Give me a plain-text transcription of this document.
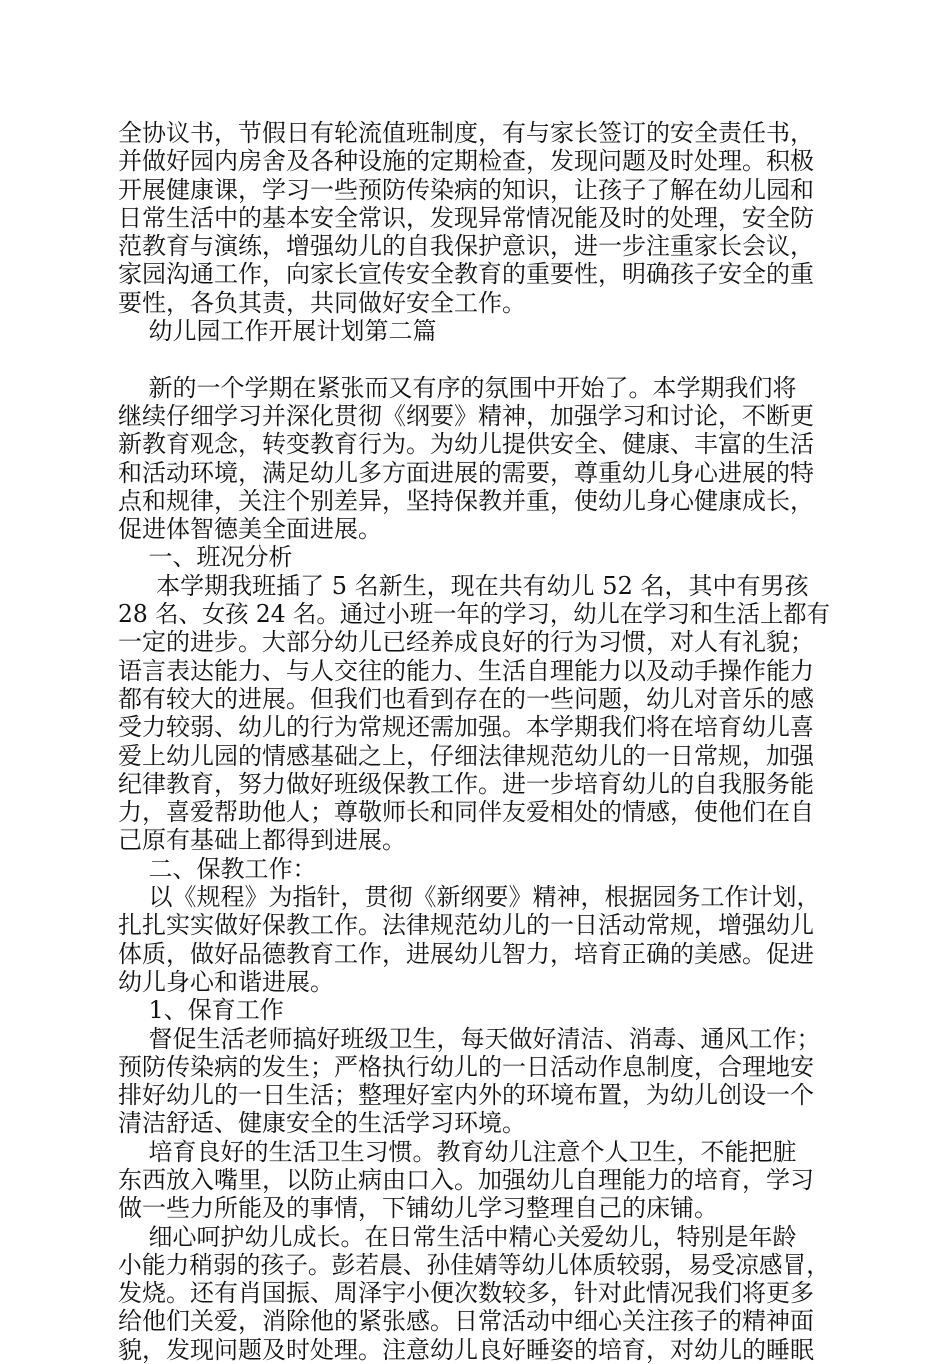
全协议书，节假日有轮流值班制度，有与家长签订的安全责任书，
并做好园内房舍及各种设施的定期检查，发现问题及时处理。积极
开展健康课，学习一些预防传染病的知识，让孩子了解在幼儿园和
日常生活中的基本安全常识，发现异常情况能及时的处理，安全防
范教育与演练，增强幼儿的自我保护意识，进一步注重家长会议，
家园沟通工作，向家长宣传安全教育的重要性，明确孩子安全的重
要性，各负其责，共同做好安全工作。
幼儿园工作开展计划第二篇
新的一个学期在紧张而又有序的氛围中开始了。本学期我们将
继续仔细学习并深化贯彻《纲要》精神，加强学习和讨论，不断更
新教育观念，转变教育行为。为幼儿提供安全、健康、丰富的生活
和活动环境，满足幼儿多方面进展的需要，尊重幼儿身心进展的特
点和规律，关注个别差异，坚持保教并重，使幼儿身心健康成长，
促进体智德美全面进展。
一、班况分析
本学期我班插了 5 名新生，现在共有幼儿 52 名，其中有男孩
28 名、女孩 24 名。通过小班一年的学习，幼儿在学习和生活上都有
一定的进步。大部分幼儿已经养成良好的行为习惯，对人有礼貌；
语言表达能力、与人交往的能力、生活自理能力以及动手操作能力
都有较大的进展。但我们也看到存在的一些问题，幼儿对音乐的感
受力较弱、幼儿的行为常规还需加强。本学期我们将在培育幼儿喜
爱上幼儿园的情感基础之上，仔细法律规范幼儿的一日常规，加强
纪律教育，努力做好班级保教工作。进一步培育幼儿的自我服务能
力，喜爱帮助他人；尊敬师长和同伴友爱相处的情感，使他们在自
己原有基础上都得到进展。
二、保教工作：
以《规程》为指针，贯彻《新纲要》精神，根据园务工作计划，
扎扎实实做好保教工作。法律规范幼儿的一日活动常规，增强幼儿
体质，做好品德教育工作，进展幼儿智力，培育正确的美感。促进
幼儿身心和谐进展。
1、保育工作
督促生活老师搞好班级卫生，每天做好清洁、消毒、通风工作；
预防传染病的发生；严格执行幼儿的一日活动作息制度，合理地安
排好幼儿的一日生活；整理好室内外的环境布置，为幼儿创设一个
清洁舒适、健康安全的生活学习环境。
培育良好的生活卫生习惯。教育幼儿注意个人卫生，不能把脏
东西放入嘴里，以防止病由口入。加强幼儿自理能力的培育，学习
做一些力所能及的事情，下铺幼儿学习整理自己的床铺。
细心呵护幼儿成长。在日常生活中精心关爱幼儿，特别是年龄
小能力稍弱的孩子。彭若晨、孙佳婧等幼儿体质较弱，易受凉感冒，
发烧。还有肖国振、周泽宇小便次数较多，针对此情况我们将更多
给他们关爱，消除他的紧张感。日常活动中细心关注孩子的精神面
貌，发现问题及时处理。注意幼儿良好睡姿的培育，对幼儿的睡眠
